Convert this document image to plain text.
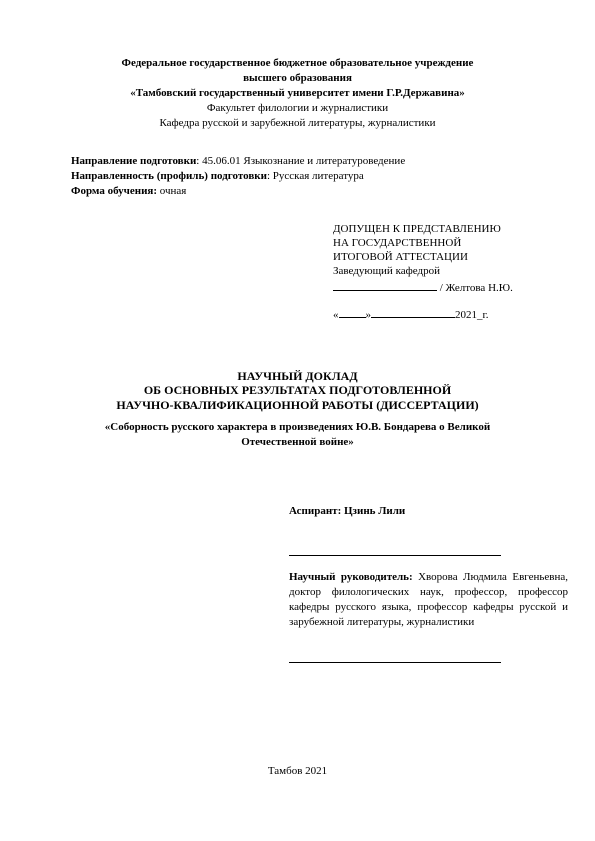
Федеральное государственное бюджетное образовательное учреждение
высшего образования
«Тамбовский государственный университет имени Г.Р.Державина»
Факультет филологии и журналистики
Кафедра русской и зарубежной литературы, журналистики
Направление подготовки: 45.06.01 Языкознание и литературоведение
Направленность (профиль) подготовки: Русская литература
Форма обучения: очная
ДОПУЩЕН К ПРЕДСТАВЛЕНИЮ
НА ГОСУДАРСТВЕННОЙ
ИТОГОВОЙ АТТЕСТАЦИИ
Заведующий кафедрой
/ Желтова Н.Ю.
« »	2021_г.
НАУЧНЫЙ ДОКЛАД
ОБ ОСНОВНЫХ РЕЗУЛЬТАТАХ ПОДГОТОВЛЕННОЙ
НАУЧНО-КВАЛИФИКАЦИОННОЙ РАБОТЫ (ДИССЕРТАЦИИ)
«Соборность русского характера в произведениях Ю.В. Бондарева о Великой
Отечественной войне»
Аспирант: Цзинь Лили
Научный руководитель: Хворова Людмила Евгеньевна, доктор филологических наук, профессор, профессор кафедры русского языка, профессор кафедры русской и зарубежной литературы, журналистики
Тамбов 2021
